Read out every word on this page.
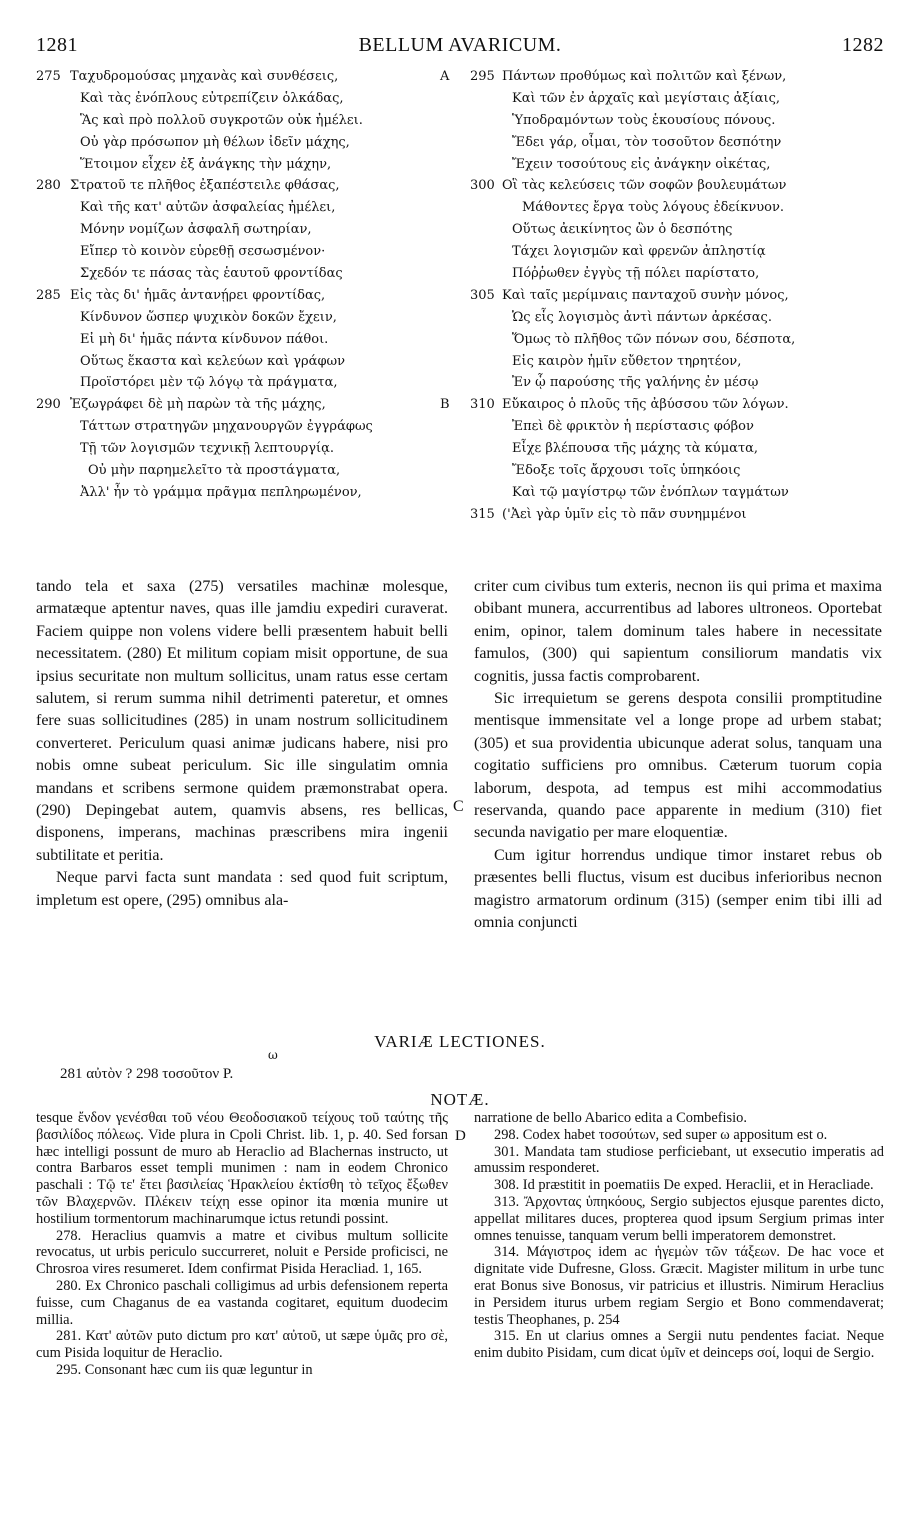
1281	BELLUM AVARICUM.	1282
275 Ταχυδρομούσας μηχανὰς καὶ συνθέσεις,
Καὶ τὰς ἐνόπλους εὐτρεπίζειν ὁλκάδας,
Ἃς καὶ πρὸ πολλοῦ συγκροτῶν οὐκ ἠμέλει.
Οὐ γὰρ πρόσωπον μὴ θέλων ἰδεῖν μάχης,
Ἕτοιμον εἶχεν ἐξ ἀνάγκης τὴν μάχην,
280 Στρατοῦ τε πλῆθος ἐξαπέστειλε φθάσας,
Καὶ τῆς κατ' αὐτῶν ἀσφαλείας ἠμέλει,
Μόνην νομίζων ἀσφαλῆ σωτηρίαν,
Εἴπερ τὸ κοινὸν εὑρεθῇ σεσωσμένον·
Σχεδόν τε πάσας τὰς ἑαυτοῦ φροντίδας
285 Εἰς τὰς δι' ἡμᾶς ἀντανῄρει φροντίδας,
Κίνδυνον ὥσπερ ψυχικὸν δοκῶν ἔχειν,
Εἰ μὴ δι' ἡμᾶς πάντα κίνδυνον πάθοι.
Οὕτως ἕκαστα καὶ κελεύων καὶ γράφων
Προϊστόρει μὲν τῷ λόγῳ τὰ πράγματα,
290 Ἐζωγράφει δὲ μὴ παρὼν τὰ τῆς μάχης,
Τάττων στρατηγῶν μηχανουργῶν ἐγγράφως
Τῇ τῶν λογισμῶν τεχνικῇ λεπτουργίᾳ.
Οὐ μὴν παρημελεῖτο τὰ προστάγματα,
Ἀλλ' ἦν τὸ γράμμα πρᾶγμα πεπληρωμένον,
A	295 Πάντων προθύμως καὶ πολιτῶν καὶ ξένων,
Καὶ τῶν ἐν ἀρχαῖς καὶ μεγίσταις ἀξίαις,
Ὑποδραμόντων τοὺς ἑκουσίους πόνους.
Ἔδει γάρ, οἶμαι, τὸν τοσοῦτον δεσπότην
Ἔχειν τοσούτους εἰς ἀνάγκην οἰκέτας,
300 Οἳ τὰς κελεύσεις τῶν σοφῶν βουλευμάτων
Μάθοντες ἔργα τοὺς λόγους ἐδείκνυον.
Οὕτως ἀεικίνητος ὢν ὁ δεσπότης
Τάχει λογισμῶν καὶ φρενῶν ἀπληστίᾳ
Πόῤῥωθεν ἐγγὺς τῇ πόλει παρίστατο,
305 Καὶ ταῖς μερίμναις πανταχοῦ συνὴν μόνος,
Ὡς εἷς λογισμὸς ἀντὶ πάντων ἀρκέσας.
Ὅμως τὸ πλῆθος τῶν πόνων σου, δέσποτα,
Εἰς καιρὸν ἡμῖν εὔθετον τηρητέον,
Ἐν ᾧ παρούσης τῆς γαλήνης ἐν μέσῳ
B	310 Εὔκαιρος ὁ πλοῦς τῆς ἀβύσσου τῶν λόγων.
Ἐπεὶ δὲ φρικτὸν ἡ περίστασις φόβον
Εἶχε βλέπουσα τῆς μάχης τὰ κύματα,
Ἔδοξε τοῖς ἄρχουσι τοῖς ὑπηκόοις
Καὶ τῷ μαγίστρῳ τῶν ἐνόπλων ταγμάτων
315 ('Ἀεὶ γὰρ ὑμῖν εἰς τὸ πᾶν συνημμένοι

tando tela et saxa (275) versatiles machinæ molesque, armatæque aptentur naves, quas ille jamdiu expediri curaverat. Faciem quippe non volens videre belli præsentem habuit belli necessitatem. (280) Et militum copiam misit opportune, de sua ipsius securitate non multum sollicitus, unam ratus esse certam salutem, si rerum summa nihil detrimenti pateretur, et omnes fere suas sollicitudines (285) in unam nostrum sollicitudinem converteret. Periculum quasi animæ judicans habere, nisi pro nobis omne subeat periculum. Sic ille singulatim omnia mandans et scribens sermone quidem præmonstrabat opera. (290) Depingebat autem, quamvis absens, res bellicas, disponens, imperans, machinas præscribens mira ingenii subtilitate et peritia.

Neque parvi facta sunt mandata : sed quod fuit scriptum, impletum est opere, (295) omnibus ala-

criter cum civibus tum exteris, necnon iis qui prima et maxima obibant munera, accurrentibus ad labores ultroneos. Oportebat enim, opinor, talem dominum tales habere in necessitate famulos, (300) qui sapientum consiliorum mandatis vix cognitis, jussa factis comprobarent.

Sic irrequietum se gerens despota consilii promptitudine mentisque immensitate vel a longe prope ad urbem stabat; (305) et sua providentia ubicunque aderat solus, tanquam una cogitatio sufficiens pro omnibus. Cæterum tuorum copia laborum, despota, ad tempus est mihi accommodatius reservanda, quando pace apparente in medium (310) fiet secunda navigatio per mare eloquentiæ.

Cum igitur horrendus undique timor instaret rebus ob præsentes belli fluctus, visum est ducibus inferioribus necnon magistro armatorum ordinum (315) (semper enim tibi illi ad omnia conjuncti

C
VARIÆ LECTIONES.
ω
281 αὐτὸν ? 298 τοσοῦτον P.
NOTÆ.

tesque ἔνδον γενέσθαι τοῦ νέου Θεοδοσιακοῦ τείχους τοῦ ταύτης τῆς βασιλίδος πόλεως. Vide plura in Cpoli Christ. lib. 1, p. 40. Sed forsan hæc intelligi possunt de muro ab Heraclio ad Blachernas instructo, ut contra Barbaros esset templi munimen : nam in eodem Chronico paschali : Τῷ τε' ἔτει βασιλείας Ἡρακλείου ἐκτίσθη τὸ τεῖχος ἔξωθεν τῶν Βλαχερνῶν. Πλέκειν τείχη esse opinor ita mœnia munire ut hostilium tormentorum machinarumque ictus retundi possint.

278. Heraclius quamvis a matre et civibus multum sollicite revocatus, ut urbis periculo succurreret, noluit e Perside proficisci, ne Chrosroa vires resumeret. Idem confirmat Pisida Heracliad. 1, 165.

280. Ex Chronico paschali colligimus ad urbis defensionem reperta fuisse, cum Chaganus de ea vastanda cogitaret, equitum duodecim millia.

281. Κατ' αὐτῶν puto dictum pro κατ' αὐτοῦ, ut sæpe ὑμᾶς pro σὲ, cum Pisida loquitur de Heraclio.

295. Consonant hæc cum iis quæ leguntur in

narratione de bello Abarico edita a Combefisio.

298. Codex habet τοσούτων, sed super ω appositum est ο.

301. Mandata tam studiose perficiebant, ut exsecutio imperatis ad amussim responderet.

308. Id præstitit in poematiis De exped. Heraclii, et in Heracliade.

313. Ἄρχοντας ὑπηκόους, Sergio subjectos ejusque parentes dicto, appellat militares duces, propterea quod ipsum Sergium primas inter omnes tenuisse, tanquam verum belli imperatorem demonstret.

314. Μάγιστρος idem ac ἡγεμὼν τῶν τάξεων. De hac voce et dignitate vide Dufresne, Gloss. Græcit. Magister militum in urbe tunc erat Bonus sive Bonosus, vir patricius et illustris. Nimirum Heraclius in Persidem iturus urbem regiam Sergio et Bono commendaverat; testis Theophanes, p. 254

315. En ut clarius omnes a Sergii nutu pendentes faciat. Neque enim dubito Pisidam, cum dicat ὑμῖν et deinceps σοί, loqui de Sergio.

D
